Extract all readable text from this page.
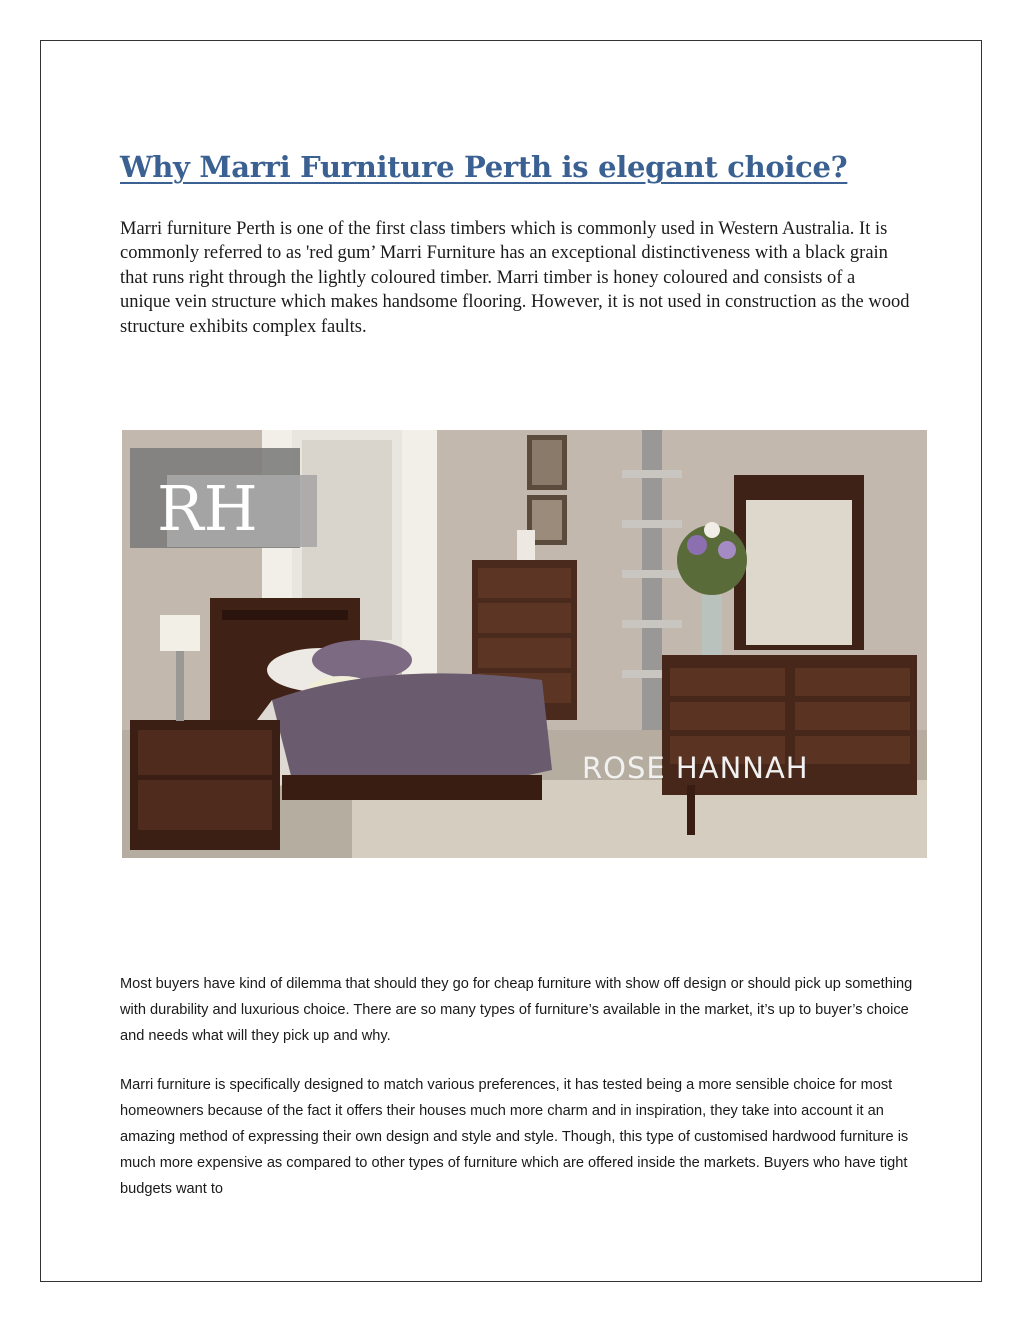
Why Marri Furniture Perth is elegant choice?

Marri furniture Perth is one of the first class timbers which is commonly used in Western Australia. It is commonly referred to as 'red gum’ Marri Furniture has an exceptional distinctiveness with a black grain that runs right through the lightly coloured timber. Marri timber is honey coloured and consists of a unique vein structure which makes handsome flooring. However, it is not used in construction as the wood structure exhibits complex faults.

RH
ROSE HANNAH

Most buyers have kind of dilemma that should they go for cheap furniture with show off design or should pick up something with durability and luxurious choice. There are so many types of furniture’s available in the market, it’s up to buyer’s choice and needs what will they pick up and why.

Marri furniture is specifically designed to match various preferences, it has tested being a more sensible choice for most homeowners because of the fact it offers their houses much more charm and in inspiration, they take into account it an amazing method of expressing their own design and style and style. Though, this type of customised hardwood furniture is much more expensive as compared to other types of furniture which are offered inside the markets. Buyers who have tight budgets want to
